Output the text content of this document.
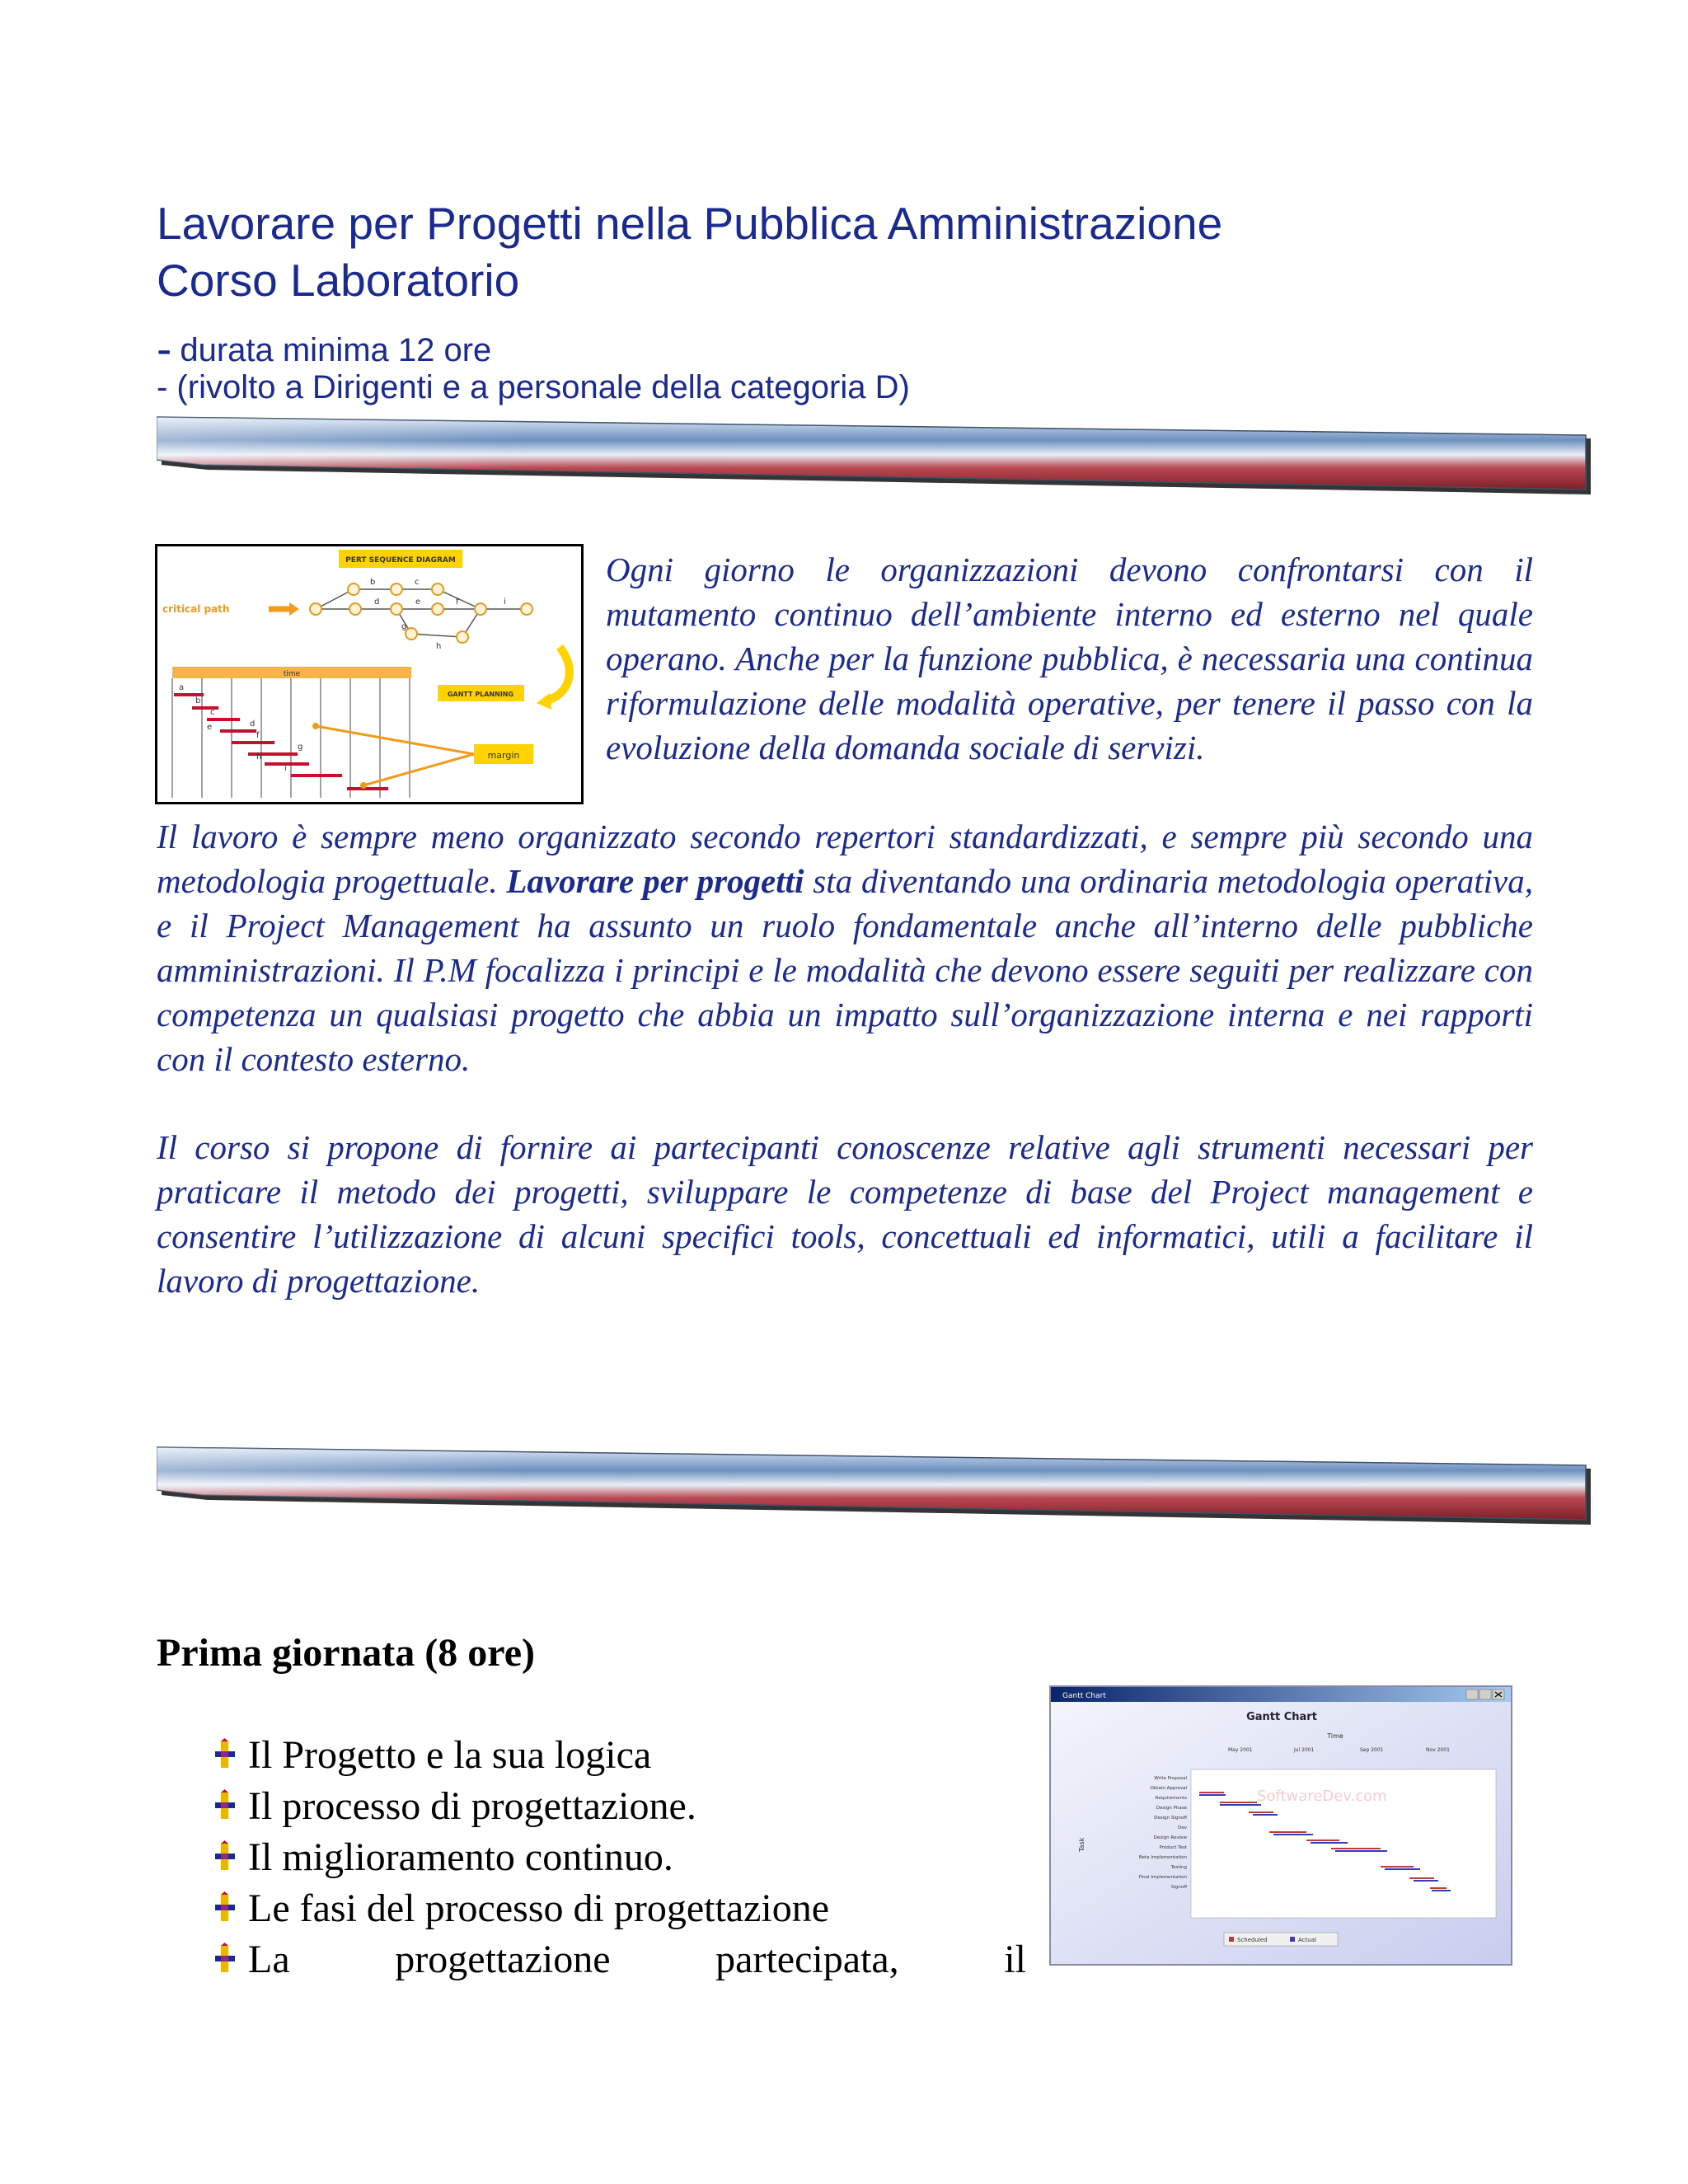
Lavorare per Progetti nella Pubblica Amministrazione
Corso Laboratorio
- durata minima 12 ore
- (rivolto a Dirigenti e a personale della categoria D)
PERT SEQUENCE DIAGRAM
critical path
b	c
d	e	f
g
h
i
GANTT PLANNING
time
a
b
c
d
e
f
g
h
i
margin

Ogni giorno le organizzazioni devono confrontarsi con il mutamento continuo dell’ambiente interno ed esterno nel quale operano. Anche per la funzione pubblica, è necessaria una continua riformulazione delle modalità operative, per tenere il passo con la evoluzione della domanda sociale di servizi.

Il lavoro è sempre meno organizzato secondo repertori standardizzati, e sempre più secondo una metodologia progettuale. Lavorare per progetti sta diventando una ordinaria metodologia operativa, e il Project Management ha assunto un ruolo fondamentale anche all’interno delle pubbliche amministrazioni. Il P.M focalizza i principi e le modalità che devono essere seguiti per realizzare con competenza un qualsiasi progetto che abbia un impatto sull’organizzazione interna e nei rapporti con il contesto esterno.

Il corso si propone di fornire ai partecipanti conoscenze relative agli strumenti necessari per praticare il metodo dei progetti, sviluppare le competenze di base del Project management e consentire l’utilizzazione di alcuni specifici tools, concettuali ed informatici, utili a facilitare il lavoro di progettazione.

Prima giornata (8 ore)
Il Progetto e la sua logica
Il processo di progettazione.
Il miglioramento continuo.
Le fasi del processo di progettazione
La	progettazione	partecipata,	il
Gantt Chart
Gantt Chart
Time
May 2001	Jul 2001	Sep 2001	Nov 2001
Task
Write Proposal
Obtain Approval
Requirements
Design Phase
Design Signoff
Dev
Design Review
Product Test
Beta Implementation
Testing
Final Implementation
Signoff
SoftwareDev.com
Scheduled	Actual
